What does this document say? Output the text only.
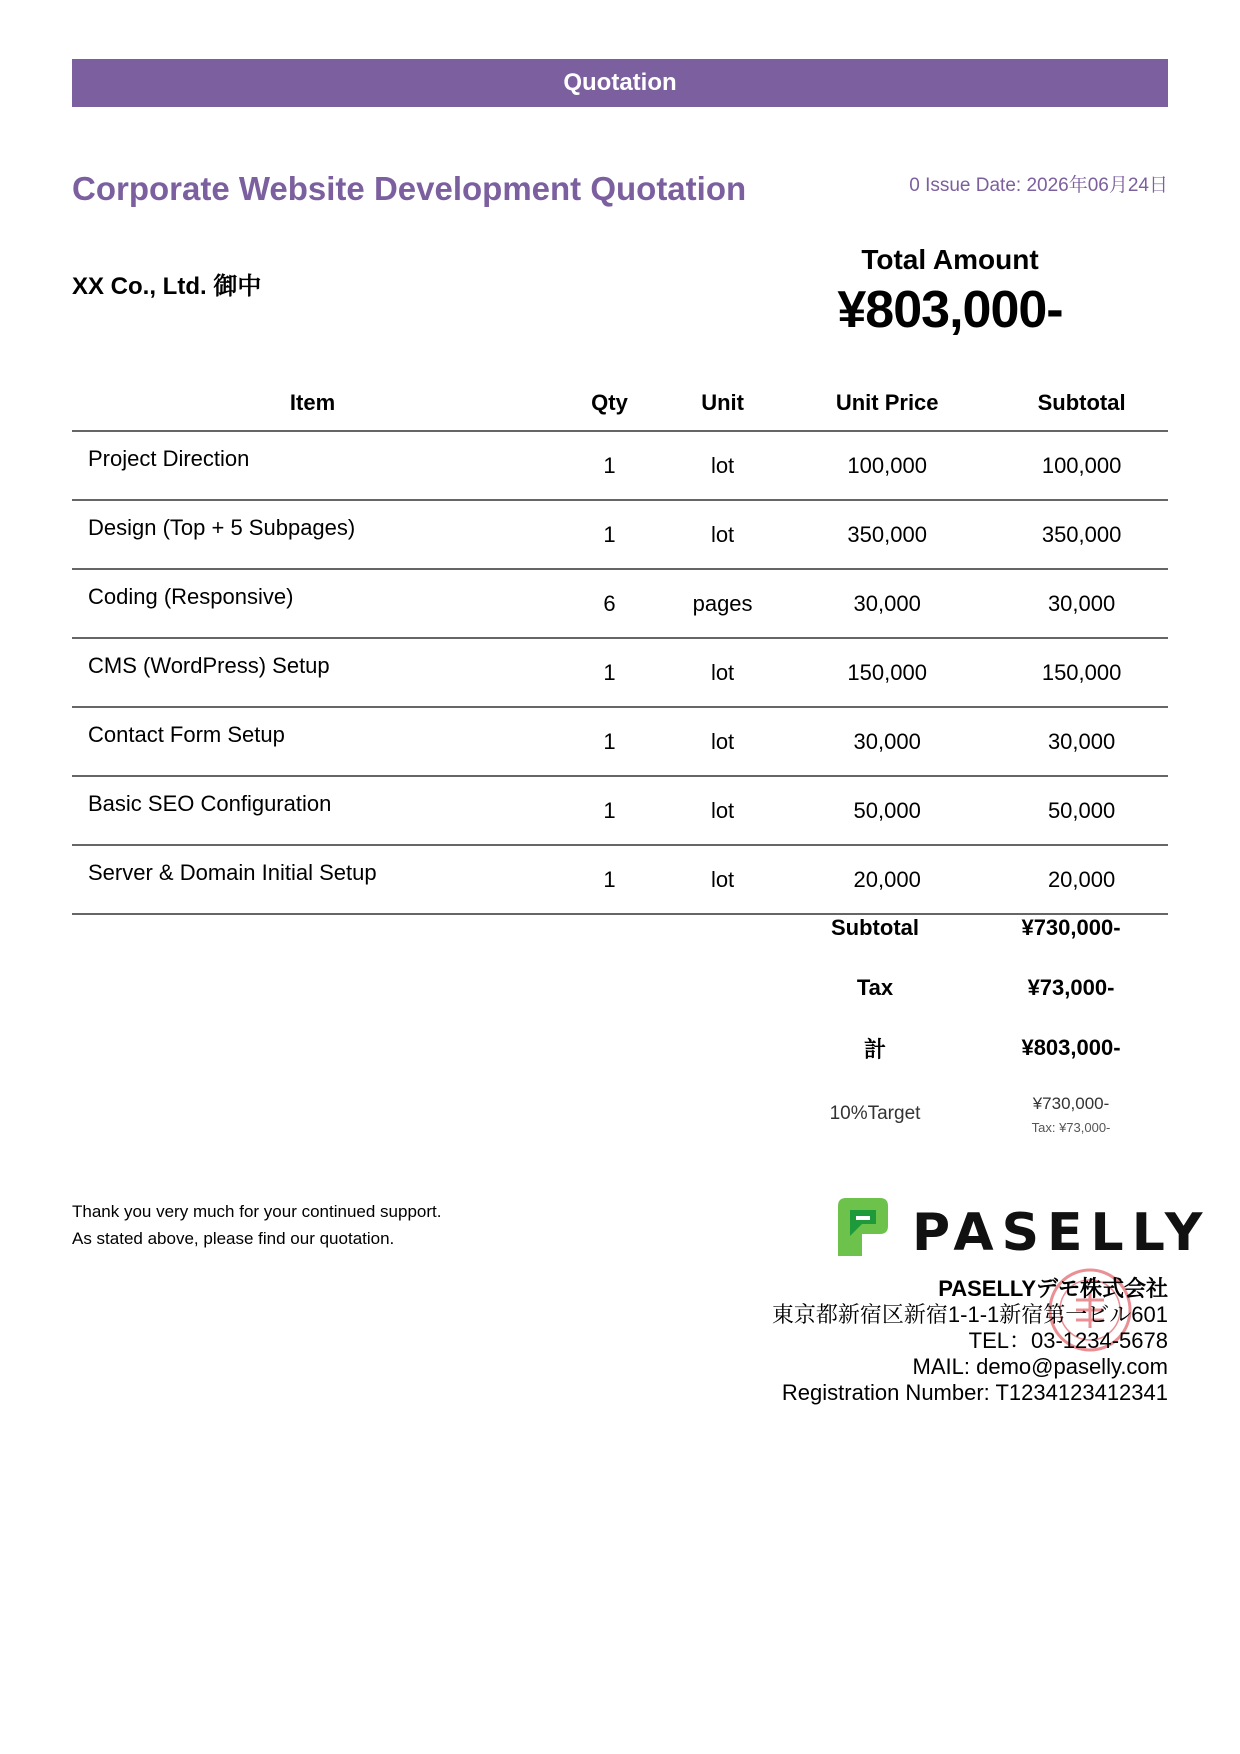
Quotation
Corporate Website Development Quotation	0 Issue Date: 2026年06月24日
XX Co., Ltd. 御中
Total Amount
¥803,000-
Item	Qty	Unit	Unit Price	Subtotal
Project Direction	1	lot	100,000	100,000
Design (Top + 5 Subpages)	1	lot	350,000	350,000
Coding (Responsive)	6	pages	30,000	30,000
CMS (WordPress) Setup	1	lot	150,000	150,000
Contact Form Setup	1	lot	30,000	30,000
Basic SEO Configuration	1	lot	50,000	50,000
Server & Domain Initial Setup	1	lot	20,000	20,000
Subtotal	¥730,000-
Tax	¥73,000-
計	¥803,000-
10%Target	¥730,000-
Tax: ¥73,000-
Thank you very much for your continued support.
As stated above, please find our quotation.	PASELLY
PASELLYデモ株式会社
東京都新宿区新宿1-1-1新宿第一ビル601
TEL：03-1234-5678
MAIL: demo@paselly.com
Registration Number: T1234123412341
